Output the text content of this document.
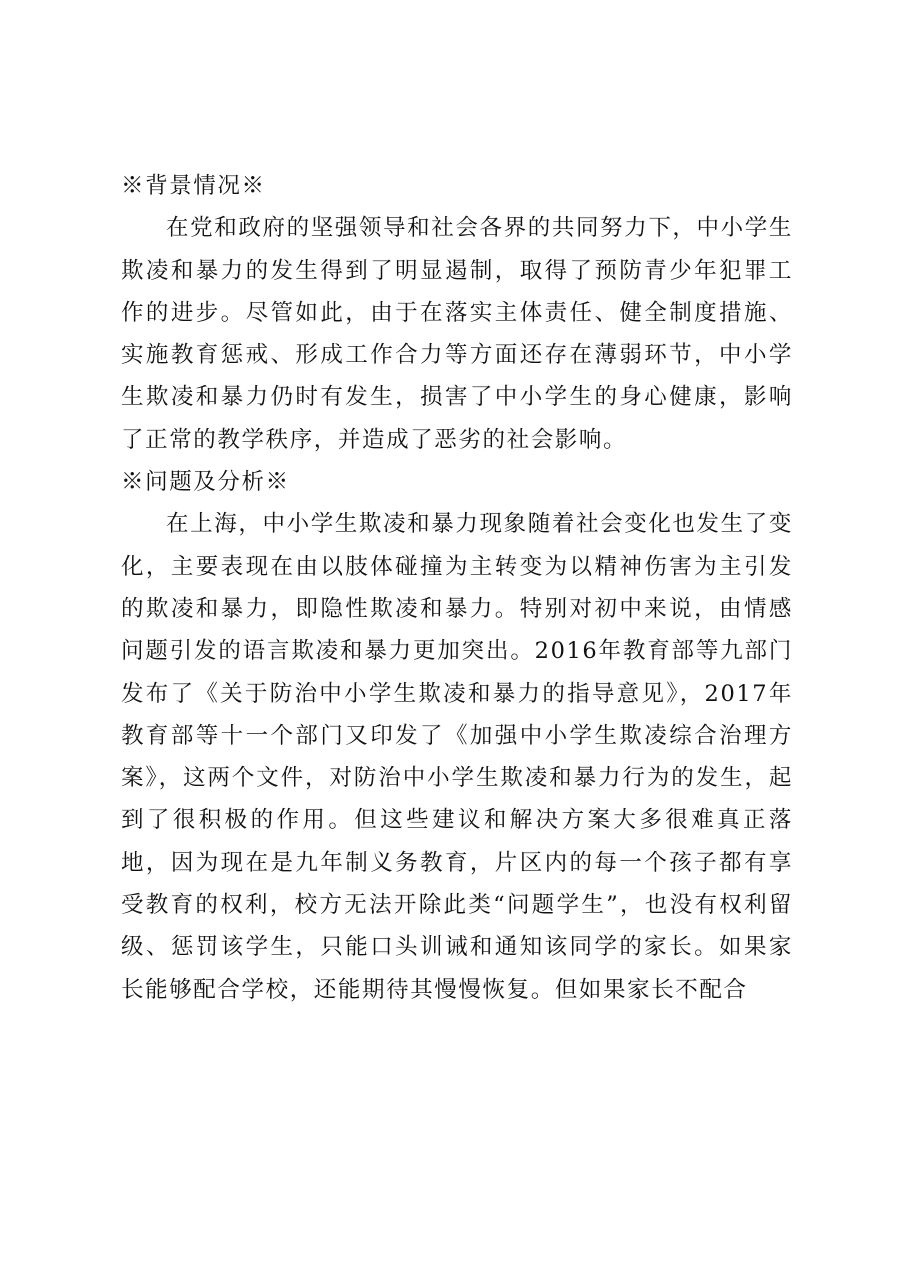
※背景情况※

在党和政府的坚强领导和社会各界的共同努力下，中小学生欺凌和暴力的发生得到了明显遏制，取得了预防青少年犯罪工作的进步。尽管如此，由于在落实主体责任、健全制度措施、实施教育惩戒、形成工作合力等方面还存在薄弱环节，中小学生欺凌和暴力仍时有发生，损害了中小学生的身心健康，影响了正常的教学秩序，并造成了恶劣的社会影响。

※问题及分析※

在上海，中小学生欺凌和暴力现象随着社会变化也发生了变化，主要表现在由以肢体碰撞为主转变为以精神伤害为主引发的欺凌和暴力，即隐性欺凌和暴力。特别对初中来说，由情感问题引发的语言欺凌和暴力更加突出。2016年教育部等九部门发布了《关于防治中小学生欺凌和暴力的指导意见》，2017年教育部等十一个部门又印发了《加强中小学生欺凌综合治理方案》，这两个文件，对防治中小学生欺凌和暴力行为的发生，起到了很积极的作用。但这些建议和解决方案大多很难真正落地，因为现在是九年制义务教育，片区内的每一个孩子都有享受教育的权利，校方无法开除此类“问题学生”，也没有权利留级、惩罚该学生，只能口头训诫和通知该同学的家长。如果家长能够配合学校，还能期待其慢慢恢复。但如果家长不配合
